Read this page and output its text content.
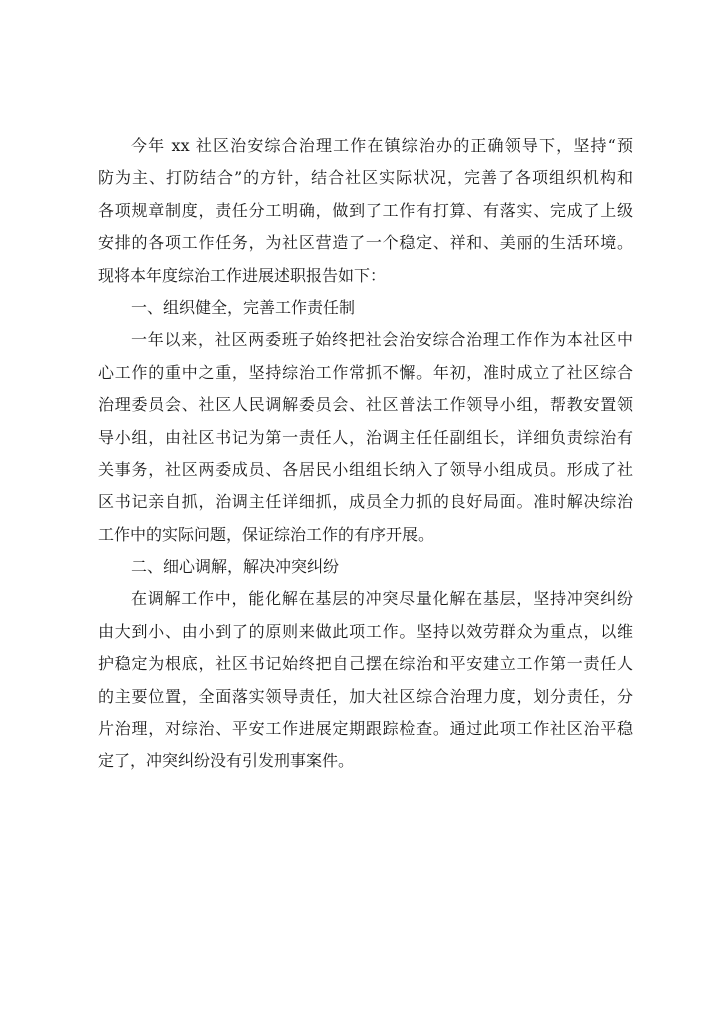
今年 xx 社区治安综合治理工作在镇综治办的正确领导下，坚持“预
防为主、打防结合”的方针，结合社区实际状况，完善了各项组织机构和
各项规章制度，责任分工明确，做到了工作有打算、有落实、完成了上级
安排的各项工作任务，为社区营造了一个稳定、祥和、美丽的生活环境。
现将本年度综治工作进展述职报告如下：
一、组织健全，完善工作责任制
一年以来，社区两委班子始终把社会治安综合治理工作作为本社区中
心工作的重中之重，坚持综治工作常抓不懈。年初，准时成立了社区综合
治理委员会、社区人民调解委员会、社区普法工作领导小组，帮教安置领
导小组，由社区书记为第一责任人，治调主任任副组长，详细负责综治有
关事务，社区两委成员、各居民小组组长纳入了领导小组成员。形成了社
区书记亲自抓，治调主任详细抓，成员全力抓的良好局面。准时解决综治
工作中的实际问题，保证综治工作的有序开展。
二、细心调解，解决冲突纠纷
在调解工作中，能化解在基层的冲突尽量化解在基层，坚持冲突纠纷
由大到小、由小到了的原则来做此项工作。坚持以效劳群众为重点，以维
护稳定为根底，社区书记始终把自己摆在综治和平安建立工作第一责任人
的主要位置，全面落实领导责任，加大社区综合治理力度，划分责任，分
片治理，对综治、平安工作进展定期跟踪检查。通过此项工作社区治平稳
定了，冲突纠纷没有引发刑事案件。
